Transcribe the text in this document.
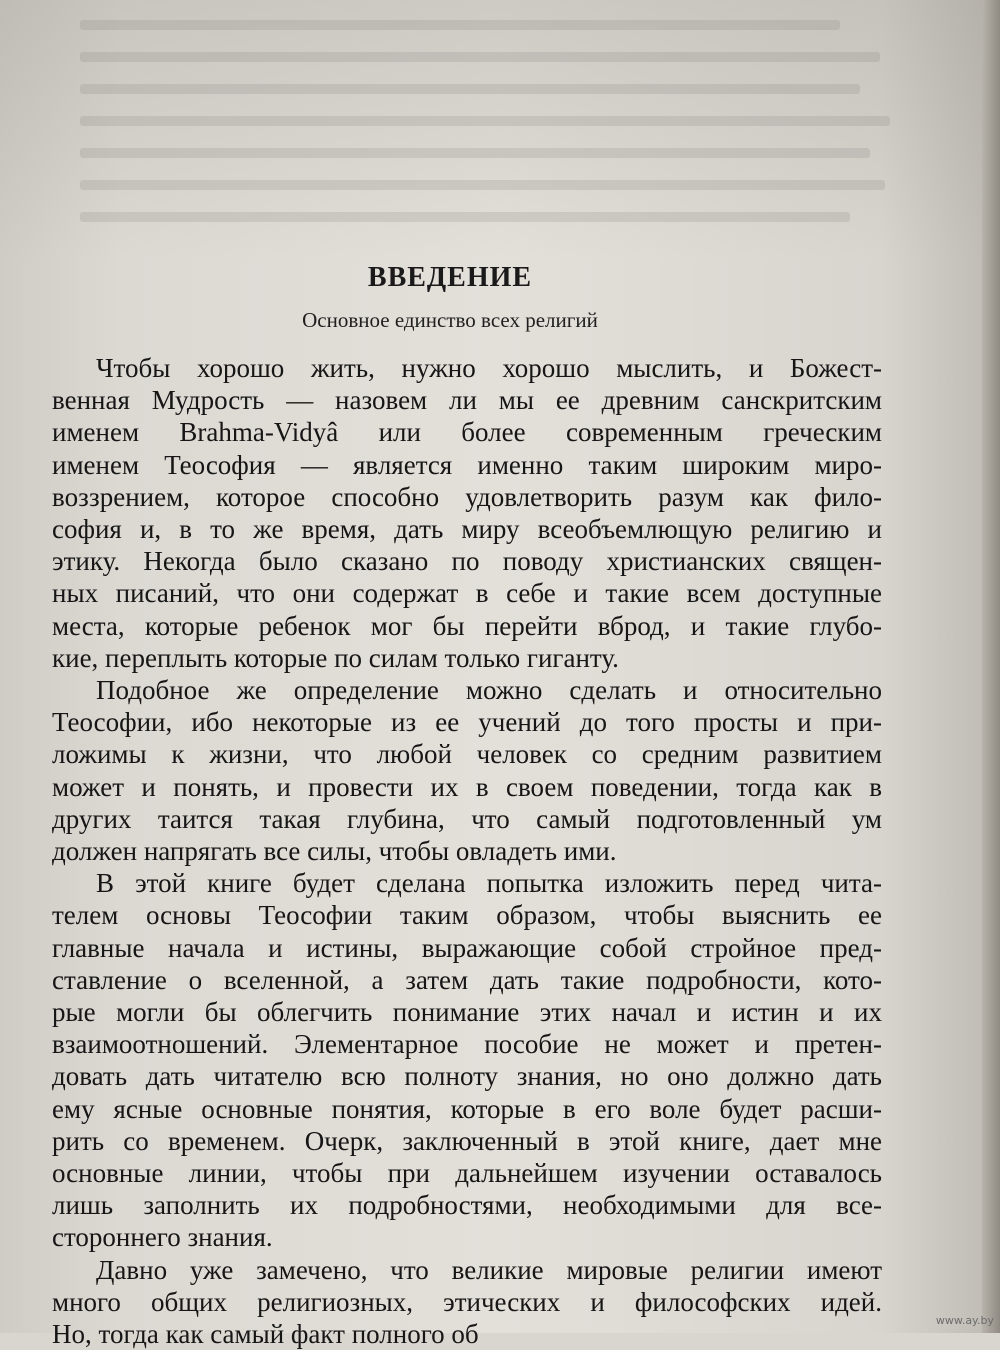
ВВЕДЕНИЕ
Основное единство всех религий
Чтобы хорошо жить, нужно хорошо мыслить, и Божест-
венная Мудрость — назовем ли мы ее древним санскритским
именем Brahma-Vidyâ или более современным греческим
именем Теософия — является именно таким широким миро-
воззрением, которое способно удовлетворить разум как фило-
софия и, в то же время, дать миру всеобъемлющую религию и
этику. Некогда было сказано по поводу христианских священ-
ных писаний, что они содержат в себе и такие всем доступные
места, которые ребенок мог бы перейти вброд, и такие глубо-
кие, переплыть которые по силам только гиганту.
Подобное же определение можно сделать и относительно
Теософии, ибо некоторые из ее учений до того просты и при-
ложимы к жизни, что любой человек со средним развитием
может и понять, и провести их в своем поведении, тогда как в
других таится такая глубина, что самый подготовленный ум
должен напрягать все силы, чтобы овладеть ими.
В этой книге будет сделана попытка изложить перед чита-
телем основы Теософии таким образом, чтобы выяснить ее
главные начала и истины, выражающие собой стройное пред-
ставление о вселенной, а затем дать такие подробности, кото-
рые могли бы облегчить понимание этих начал и истин и их
взаимоотношений. Элементарное пособие не может и претен-
довать дать читателю всю полноту знания, но оно должно дать
ему ясные основные понятия, которые в его воле будет расши-
рить со временем. Очерк, заключенный в этой книге, дает мне
основные линии, чтобы при дальнейшем изучении оставалось
лишь заполнить их подробностями, необходимыми для все-
стороннего знания.
Давно уже замечено, что великие мировые религии имеют
много общих религиозных, этических и философских идей.
Но, тогда как самый факт полного об	www.ay.by
